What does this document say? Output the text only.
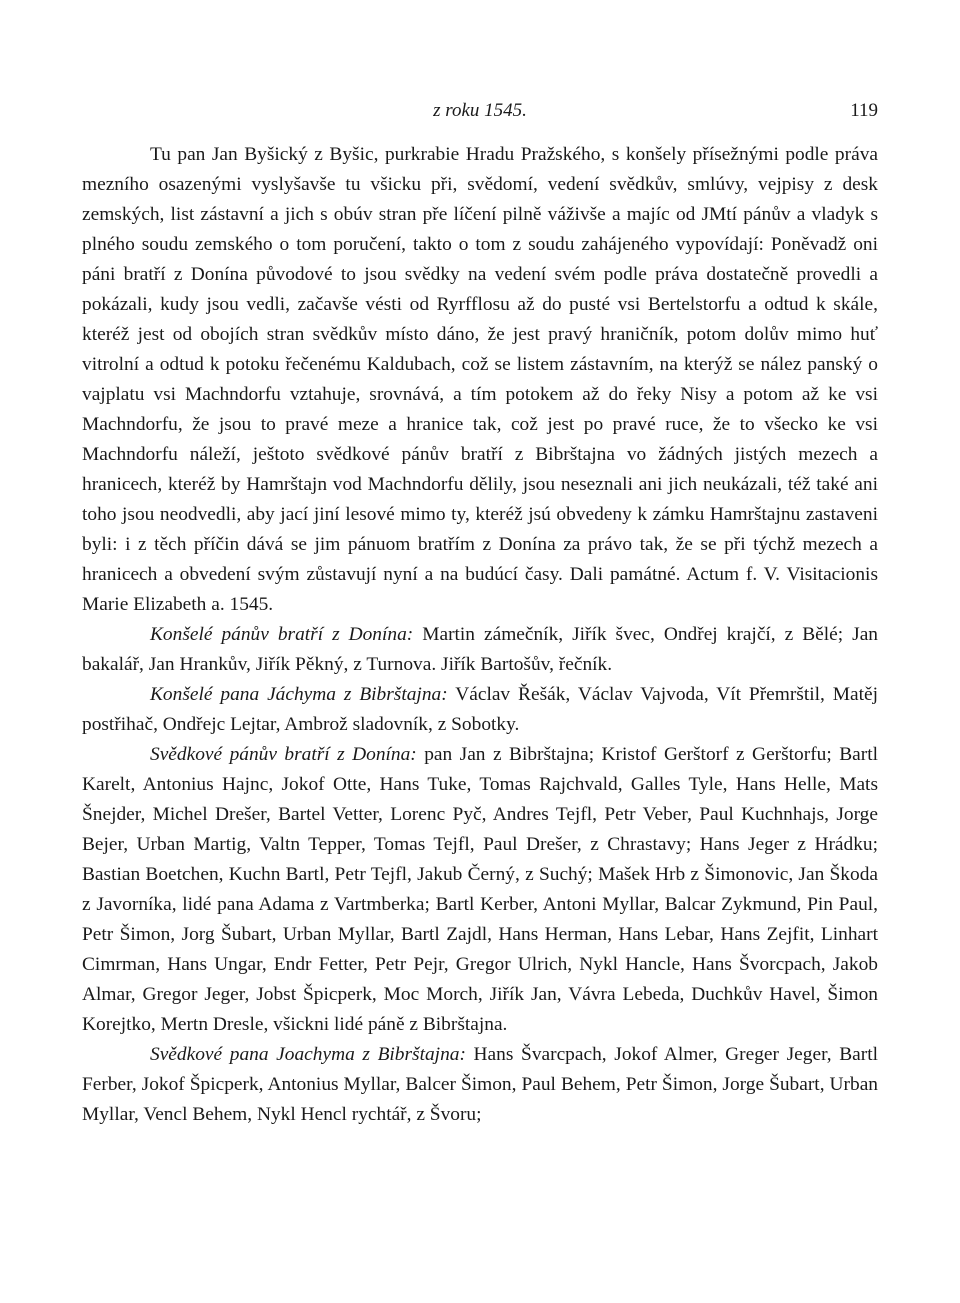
z roku 1545.	119

Tu pan Jan Byšický z Byšic, purkrabie Hradu Pražského, s konšely přísežnými podle práva mezního osazenými vyslyšavše tu všicku při, svědomí, vedení svědkův, smlúvy, vejpisy z desk zemských, list zástavní a jich s obúv stran pře líčení pilně váživše a majíc od JMtí pánův a vladyk s plného soudu zemského o tom poručení, takto o tom z soudu zahájeného vypovídají: Poněvadž oni páni bratří z Donína původové to jsou svědky na vedení svém podle práva dostatečně provedli a pokázali, kudy jsou vedli, začavše vésti od Ryrfflosu až do pusté vsi Bertelstorfu a odtud k skále, kteréž jest od obojích stran svědkův místo dáno, že jest pravý hraničník, potom dolův mimo huť vitrolní a odtud k potoku řečenému Kaldubach, což se listem zástavním, na kterýž se nález panský o vajplatu vsi Machndorfu vztahuje, srovnává, a tím potokem až do řeky Nisy a potom až ke vsi Machndorfu, že jsou to pravé meze a hranice tak, což jest po pravé ruce, že to všecko ke vsi Machndorfu náleží, ještoto svědkové pánův bratří z Bibrštajna vo žádných jistých mezech a hranicech, kteréž by Hamrštajn vod Machndorfu dělily, jsou neseznali ani jich neukázali, též také ani toho jsou neodvedli, aby jací jiní lesové mimo ty, kteréž jsú obvedeny k zámku Hamrštajnu zastaveni byli: i z těch příčin dává se jim pánuom bratřím z Donína za právo tak, že se při týchž mezech a hranicech a obvedení svým zůstavují nyní a na budúcí časy. Dali památné. Actum f. V. Visitacionis Marie Elizabeth a. 1545.

Konšelé pánův bratří z Donína: Martin zámečník, Jiřík švec, Ondřej krajčí, z Bělé; Jan bakalář, Jan Hrankův, Jiřík Pěkný, z Turnova. Jiřík Bartošův, řečník.

Konšelé pana Jáchyma z Bibrštajna: Václav Řešák, Václav Vajvoda, Vít Přemrštil, Matěj postřihač, Ondřejc Lejtar, Ambrož sladovník, z Sobotky.

Svědkové pánův bratří z Donína: pan Jan z Bibrštajna; Kristof Gerštorf z Gerštorfu; Bartl Karelt, Antonius Hajnc, Jokof Otte, Hans Tuke, Tomas Rajchvald, Galles Tyle, Hans Helle, Mats Šnejder, Michel Drešer, Bartel Vetter, Lorenc Pyč, Andres Tejfl, Petr Veber, Paul Kuchnhajs, Jorge Bejer, Urban Martig, Valtn Tepper, Tomas Tejfl, Paul Drešer, z Chrastavy; Hans Jeger z Hrádku; Bastian Boetchen, Kuchn Bartl, Petr Tejfl, Jakub Černý, z Suchý; Mašek Hrb z Šimonovic, Jan Škoda z Javorníka, lidé pana Adama z Vartmberka; Bartl Kerber, Antoni Myllar, Balcar Zykmund, Pin Paul, Petr Šimon, Jorg Šubart, Urban Myllar, Bartl Zajdl, Hans Herman, Hans Lebar, Hans Zejfit, Linhart Cimrman, Hans Ungar, Endr Fetter, Petr Pejr, Gregor Ulrich, Nykl Hancle, Hans Švorcpach, Jakob Almar, Gregor Jeger, Jobst Špicperk, Moc Morch, Jiřík Jan, Vávra Lebeda, Duchkův Havel, Šimon Korejtko, Mertn Dresle, všickni lidé páně z Bibrštajna.

Svědkové pana Joachyma z Bibrštajna: Hans Švarcpach, Jokof Almer, Greger Jeger, Bartl Ferber, Jokof Špicperk, Antonius Myllar, Balcer Šimon, Paul Behem, Petr Šimon, Jorge Šubart, Urban Myllar, Vencl Behem, Nykl Hencl rychtář, z Švoru;
